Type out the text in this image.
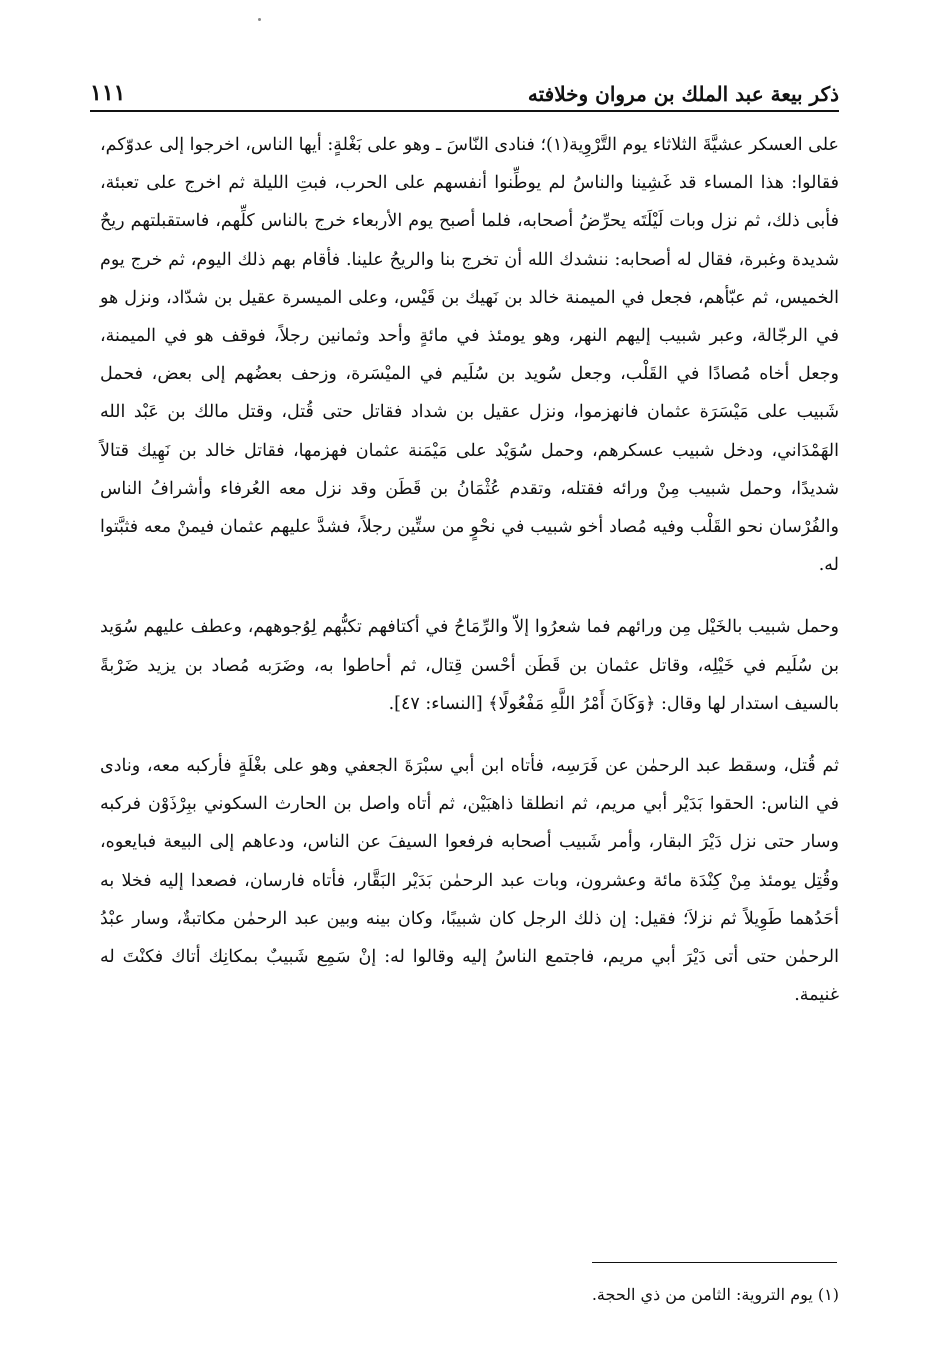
١١١	ذكر بيعة عبد الملك بن مروان وخلافته

على العسكر عشيَّةَ الثلاثاء يوم التَّرْوِية(١)؛ فنادى النّاسَ ـ وهو على بَغْلةٍ: أيها الناس، اخرجوا إلى عدوّكم، فقالوا: هذا المساء قد غَشِينا والناسُ لم يوطِّنوا أنفسهم على الحرب، فبتِ الليلة ثم اخرج على تعبئة، فأبى ذلك، ثم نزل وبات لَيْلَتَه يحرِّضُ أصحابه، فلما أصبح يوم الأربعاء خرج بالناس كلِّهم، فاستقبلتهم ريحٌ شديدة وغبرة، فقال له أصحابه: ننشدك الله أن تخرج بنا والريحُ علينا. فأقام بهم ذلك اليوم، ثم خرج يوم الخميس، ثم عبّأهم، فجعل في الميمنة خالد بن نَهيك بن قَيْس، وعلى الميسرة عقيل بن شدّاد، ونزل هو في الرجّالة، وعبر شبيب إليهم النهر، وهو يومئذ في مائةٍ وأحد وثمانين رجلاً، فوقف هو في الميمنة، وجعل أخاه مُصادًا في القَلْب، وجعل سُويد بن سُلَيم في الميْسَرة، وزحف بعضُهم إلى بعض، فحمل شَبيب على مَيْسَرَة عثمان فانهزموا، ونزل عقيل بن شداد فقاتل حتى قُتل، وقتل مالك بن عَبْد الله الهَمْدَاني، ودخل شبيب عسكرهم، وحمل سُوَيْد على مَيْمَنة عثمان فهزمها، فقاتل خالد بن نَهِيك قتالاً شديدًا، وحمل شبيب مِنْ ورائه فقتله، وتقدم عُثْمَانُ بن قَطَن وقد نزل معه العُرفاء وأشرافُ الناس والفُرْسان نحو القَلْب وفيه مُصاد أخو شبيب في نحْوٍ من ستِّين رجلاً، فشدَّ عليهم عثمان فيمنْ معه فثبَّتوا له.

وحمل شبيب بالخَيْل مِن ورائهم فما شعرُوا إلاّ والرِّمَاحُ في أكتافهم تكبُّهم لِوُجوههم، وعطف عليهم سُوَيد بن سُلَيم في خَيْلِه، وقاتل عثمان بن قَطَن أحْسن قِتال، ثم أحاطوا به، وضَرَبه مُصاد بن يزيد ضَرْبةً بالسيف استدار لها وقال: ﴿وَكَانَ أَمْرُ اللَّهِ مَفْعُولًا﴾ [النساء: ٤٧].

ثم قُتل، وسقط عبد الرحمٰن عن فَرَسِه، فأتاه ابن أبي سبْرَةَ الجعفي وهو على بغْلَةٍ فأركبه معه، ونادى في الناس: الحقوا بَدَيْر أبي مريم، ثم انطلقا ذاهبَيْن، ثم أتاه واصل بن الحارث السكوني ببِرْذَوْن فركبه وسار حتى نزل دَيْرَ البقار، وأمر شَبيب أصحابه فرفعوا السيفَ عن الناس، ودعاهم إلى البيعة فبايعوه، وقُتِل يومئذ مِنْ كِنْدَة مائة وعشرون، وبات عبد الرحمٰن بَدَيْر البَقَّار، فأتاه فارسان، فصعدا إليه فخلا به أحَدُهما طَوِيلاً ثم نزلاَ؛ فقيل: إن ذلك الرجل كان شبيبًا، وكان بينه وبين عبد الرحمٰن مكاتبةٌ، وسار عبْدُ الرحمٰن حتى أتى دَيْرَ أبي مريم، فاجتمع الناسُ إليه وقالوا له: إنْ سَمِع شَبيبٌ بمكانِك أتاك فكنْتَ له غنيمة.

(١) يوم التروية: الثامن من ذي الحجة.
